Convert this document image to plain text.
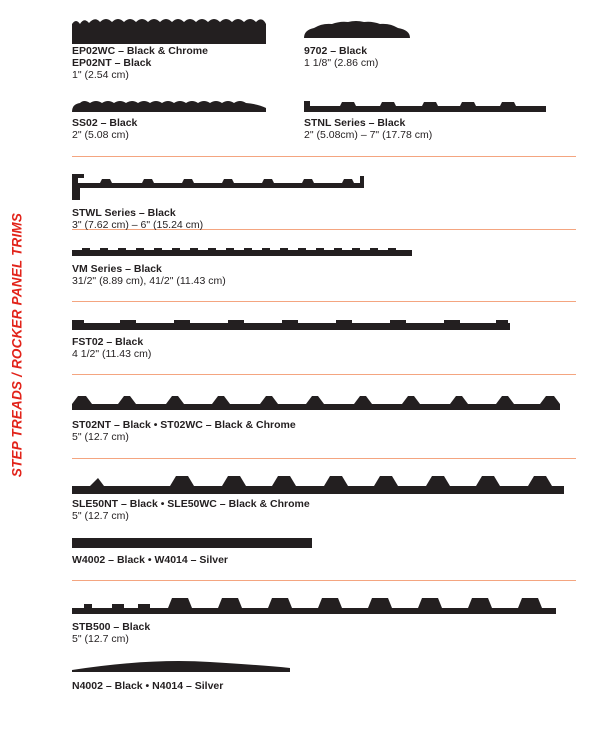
STEP TREADS / ROCKER PANEL TRIMS
EP02WC – Black & Chrome
EP02NT – Black
1" (2.54 cm)
9702 – Black
1 1/8" (2.86 cm)
SS02 – Black
2" (5.08 cm)
STNL Series – Black
2" (5.08cm) – 7" (17.78 cm)
STWL Series – Black
3" (7.62 cm) – 6" (15.24 cm)
VM Series – Black
31/2" (8.89 cm), 41/2" (11.43 cm)
FST02 – Black
4 1/2" (11.43 cm)
ST02NT – Black • ST02WC – Black & Chrome
5" (12.7 cm)
SLE50NT – Black • SLE50WC – Black & Chrome
5" (12.7 cm)
W4002 – Black • W4014 – Silver
STB500 – Black
5" (12.7 cm)
N4002 – Black • N4014 – Silver
